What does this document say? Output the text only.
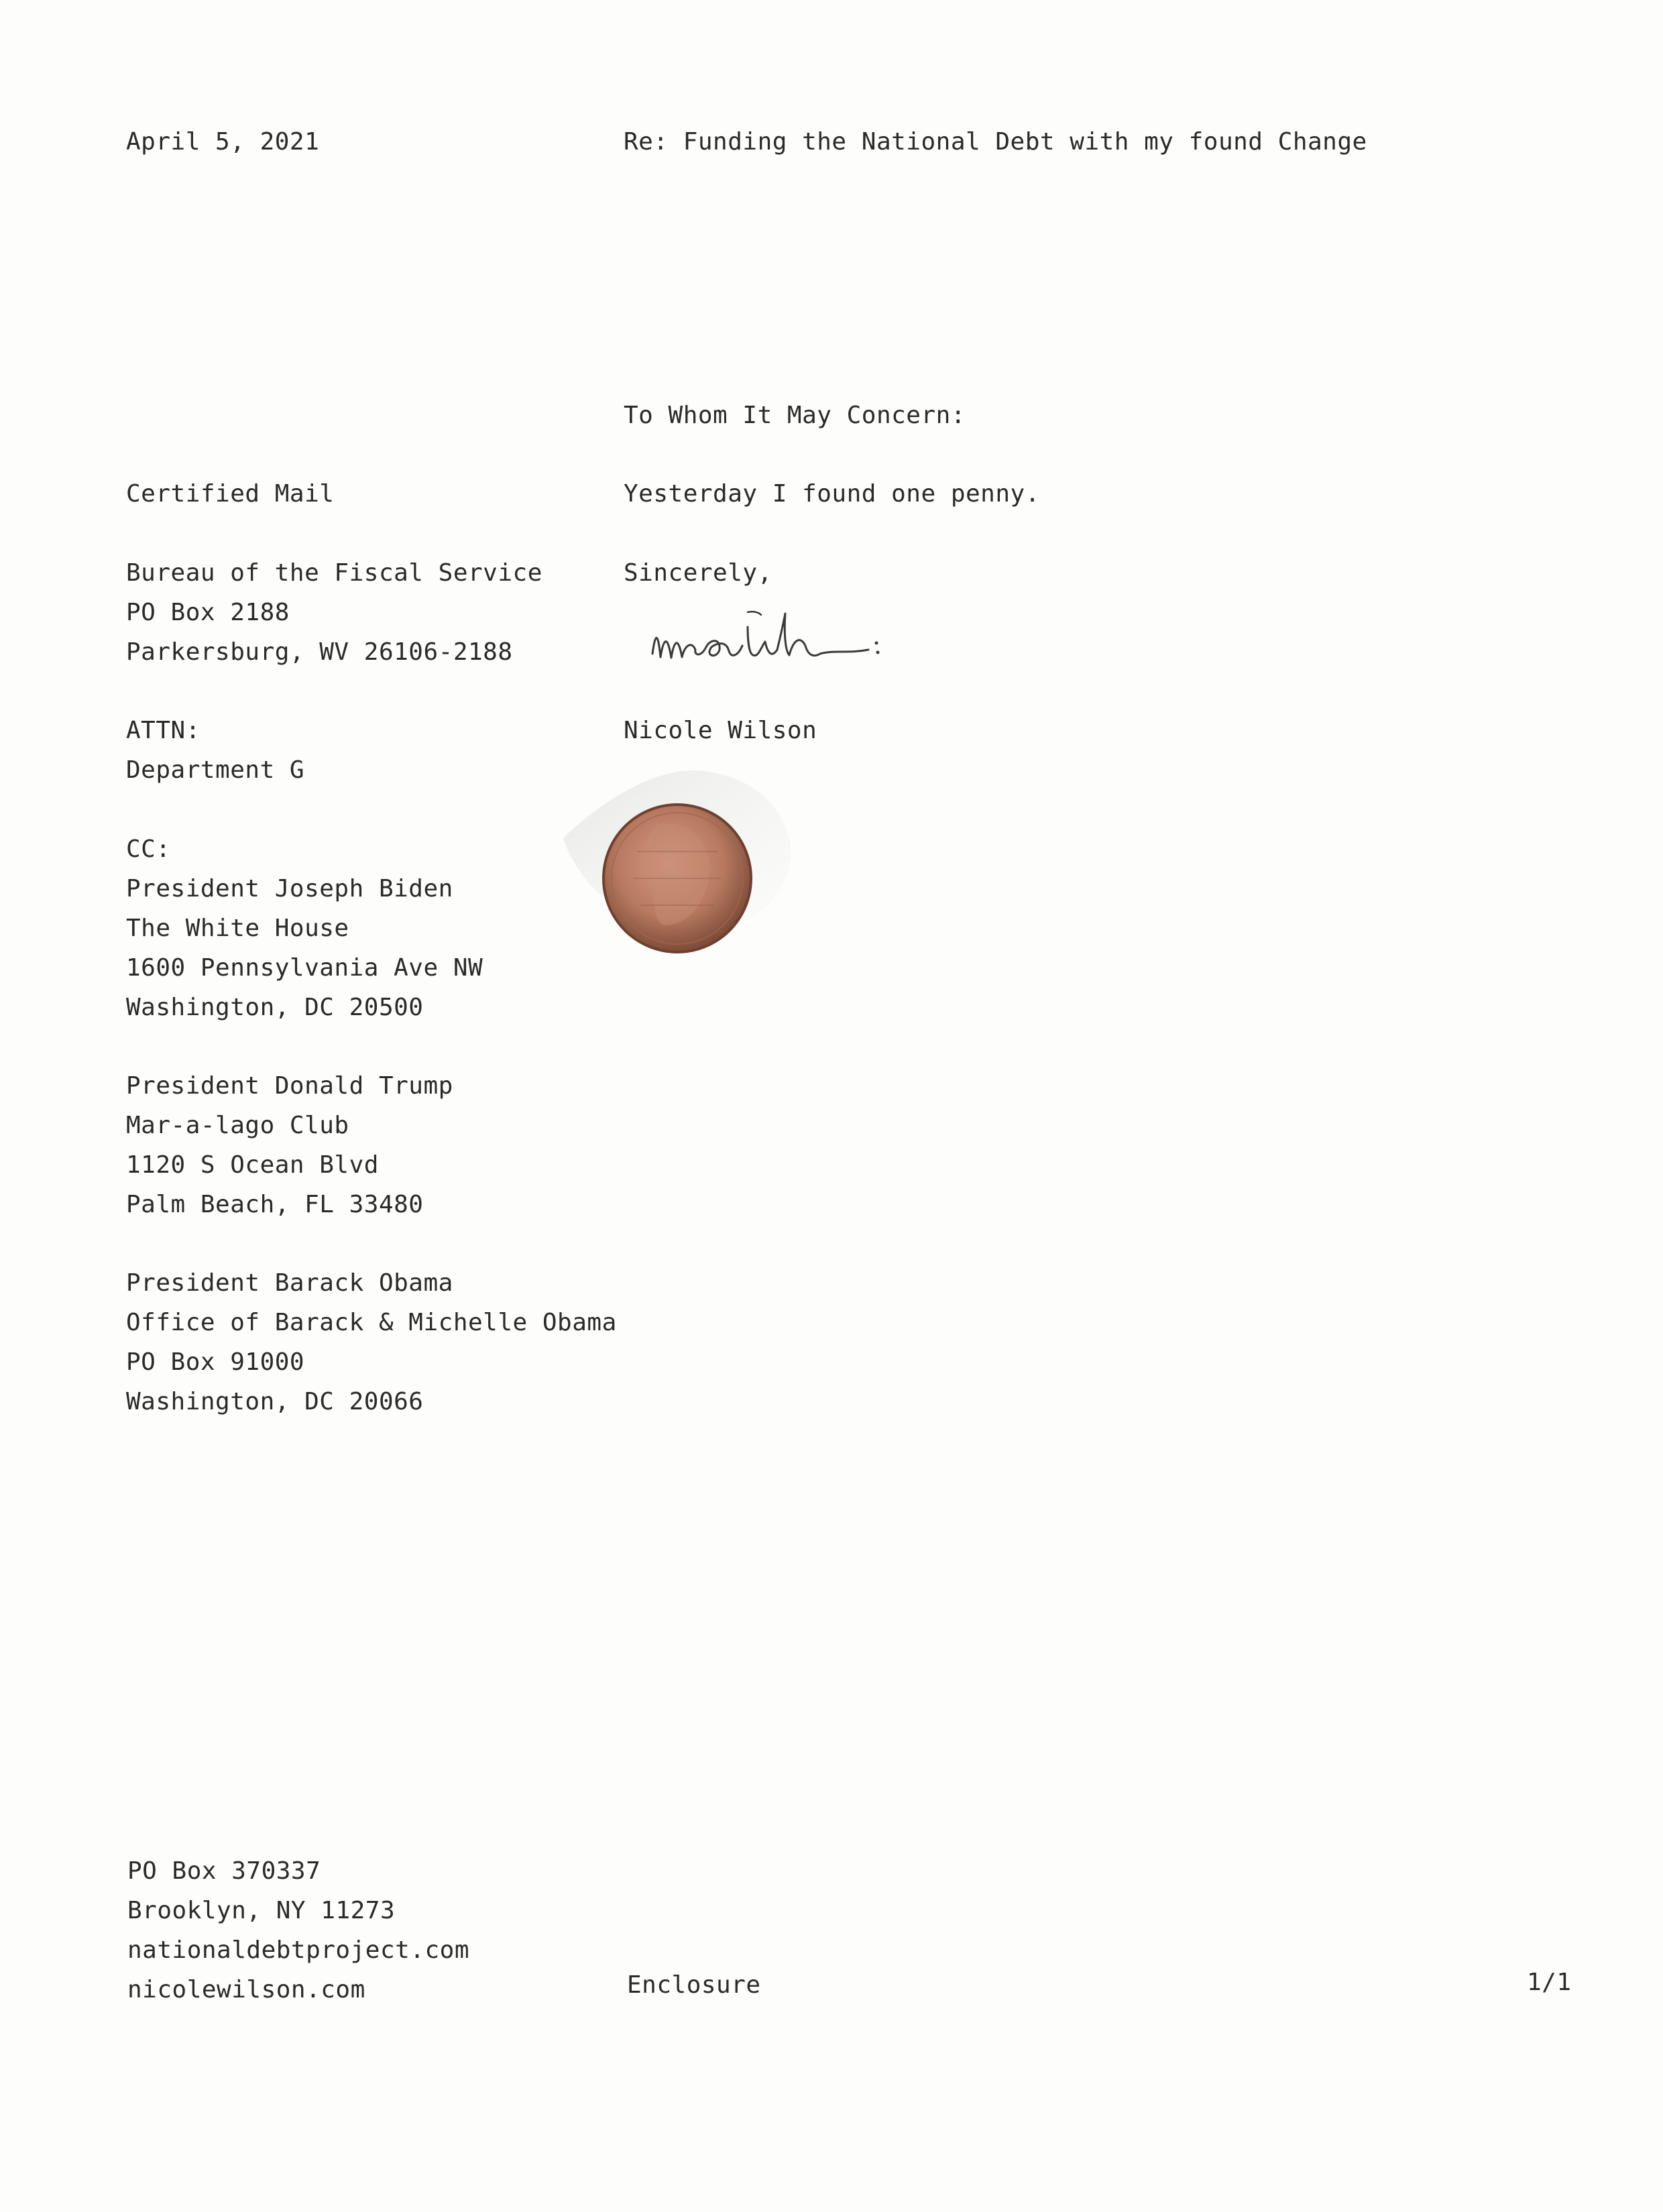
April 5, 2021	Re: Funding the National Debt with my found Change
To Whom It May Concern:
Certified Mail	Yesterday I found one penny.
Sincerely,
Bureau of the Fiscal Service
PO Box 2188
Parkersburg, WV 26106-2188
Nicole Wilson
ATTN:
Department G
CC:
President Joseph Biden
The White House
1600 Pennsylvania Ave NW
Washington, DC 20500
President Donald Trump
Mar-a-lago Club
1120 S Ocean Blvd
Palm Beach, FL 33480
President Barack Obama
Office of Barack & Michelle Obama
PO Box 91000
Washington, DC 20066
PO Box 370337
Brooklyn, NY 11273
nationaldebtproject.com
nicolewilson.com	Enclosure	1/1
